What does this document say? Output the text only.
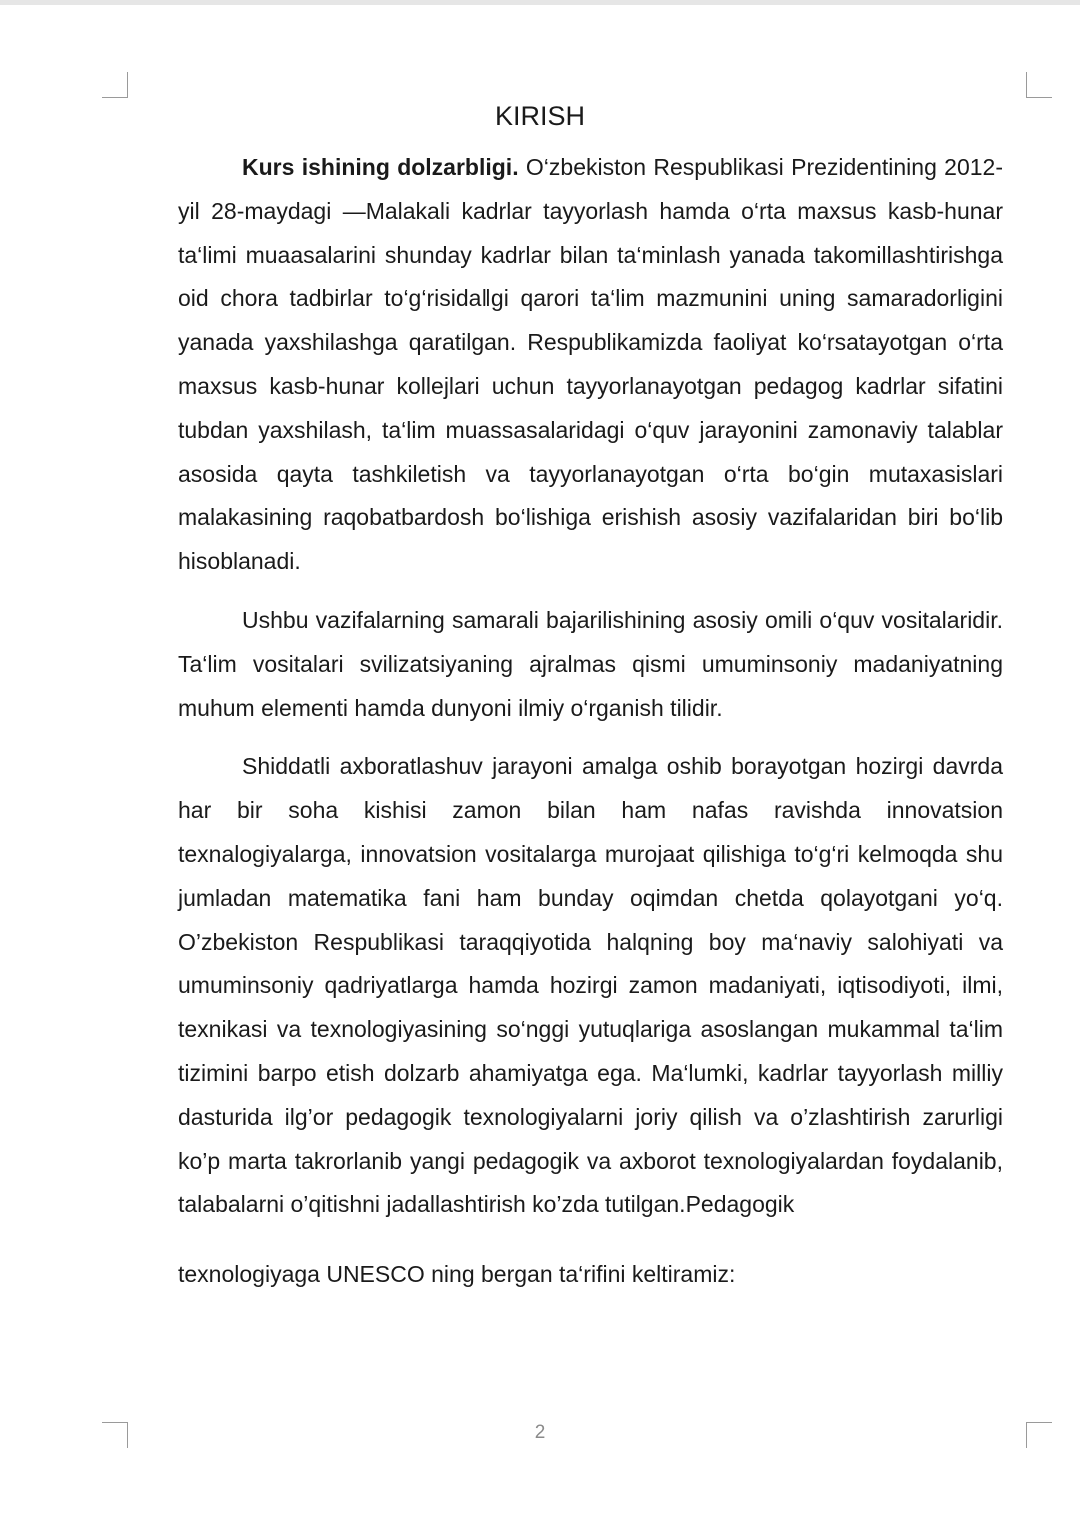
KIRISH

Kurs ishining dolzarbligi. O‘zbekiston Respublikasi Prezidentining 2012-yil 28-maydagi ―Malakali kadrlar tayyorlash hamda o‘rta maxsus kasb-hunar ta‘limi muaasalarini shunday kadrlar bilan ta‘minlash yanada takomillashtirishga oid chora tadbirlar to‘g‘risida‖gi qarori ta‘lim mazmunini uning samaradorligini yanada yaxshilashga qaratilgan. Respublikamizda faoliyat ko‘rsatayotgan o‘rta maxsus kasb-hunar kollejlari uchun tayyorlanayotgan pedagog kadrlar sifatini tubdan yaxshilash, ta‘lim muassasalaridagi o‘quv jarayonini zamonaviy talablar asosida qayta tashkiletish va tayyorlanayotgan o‘rta bo‘gin mutaxasislari malakasining raqobatbardosh bo‘lishiga erishish asosiy vazifalaridan biri bo‘lib hisoblanadi.

Ushbu vazifalarning samarali bajarilishining asosiy omili o‘quv vositalaridir. Ta‘lim vositalari svilizatsiyaning ajralmas qismi umuminsoniy madaniyatning muhum elementi hamda dunyoni ilmiy o‘rganish tilidir.

Shiddatli axboratlashuv jarayoni amalga oshib borayotgan hozirgi davrda har bir soha kishisi zamon bilan ham nafas ravishda innovatsion texnalogiyalarga, innovatsion vositalarga murojaat qilishiga to‘g‘ri kelmoqda shu jumladan matematika fani ham bunday oqimdan chetda qolayotgani yo‘q. O’zbekiston Respublikasi taraqqiyotida halqning boy ma‘naviy salohiyati va umuminsoniy qadriyatlarga hamda hozirgi zamon madaniyati, iqtisodiyoti, ilmi, texnikasi va texnologiyasining so‘nggi yutuqlariga asoslangan mukammal ta‘lim tizimini barpo etish dolzarb ahamiyatga ega. Ma‘lumki, kadrlar tayyorlash milliy dasturida ilg’or pedagogik texnologiyalarni joriy qilish va o’zlashtirish zarurligi ko’p marta takrorlanib yangi pedagogik va axborot texnologiyalardan foydalanib, talabalarni o’qitishni jadallashtirish ko’zda tutilgan.Pedagogik

texnologiyaga UNESCO ning bergan ta‘rifini keltiramiz:

2
